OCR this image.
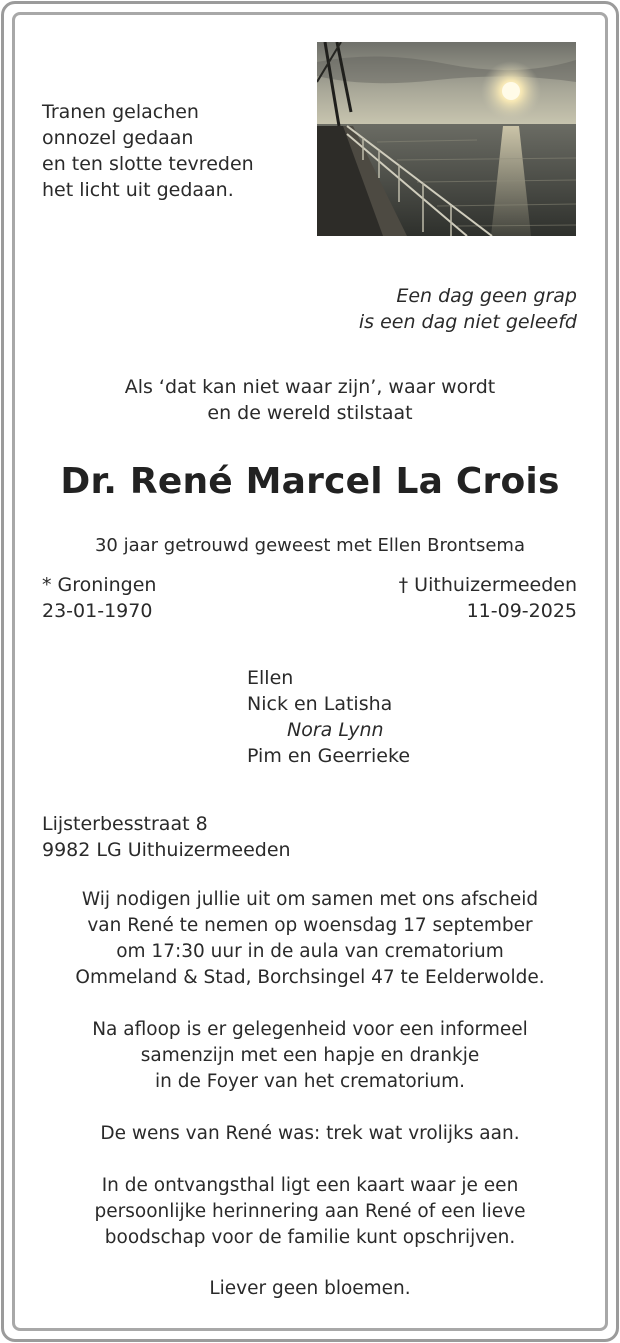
Tranen gelachen
onnozel gedaan
en ten slotte tevreden
het licht uit gedaan.
Een dag geen grap
is een dag niet geleefd
Als ‘dat kan niet waar zijn’, waar wordt
en de wereld stilstaat
Dr. René Marcel La Crois
30 jaar getrouwd geweest met Ellen Brontsema
* Groningen
23-01-1970
† Uithuizermeeden
11-09-2025
Ellen
Nick en Latisha
Nora Lynn
Pim en Geerrieke
Lijsterbesstraat 8
9982 LG Uithuizermeeden
Wij nodigen jullie uit om samen met ons afscheid
van René te nemen op woensdag 17 september
om 17:30 uur in de aula van crematorium
Ommeland & Stad, Borchsingel 47 te Eelderwolde.
Na afloop is er gelegenheid voor een informeel
samenzijn met een hapje en drankje
in de Foyer van het crematorium.
De wens van René was: trek wat vrolijks aan.
In de ontvangsthal ligt een kaart waar je een
persoonlijke herinnering aan René of een lieve
boodschap voor de familie kunt opschrijven.
Liever geen bloemen.
